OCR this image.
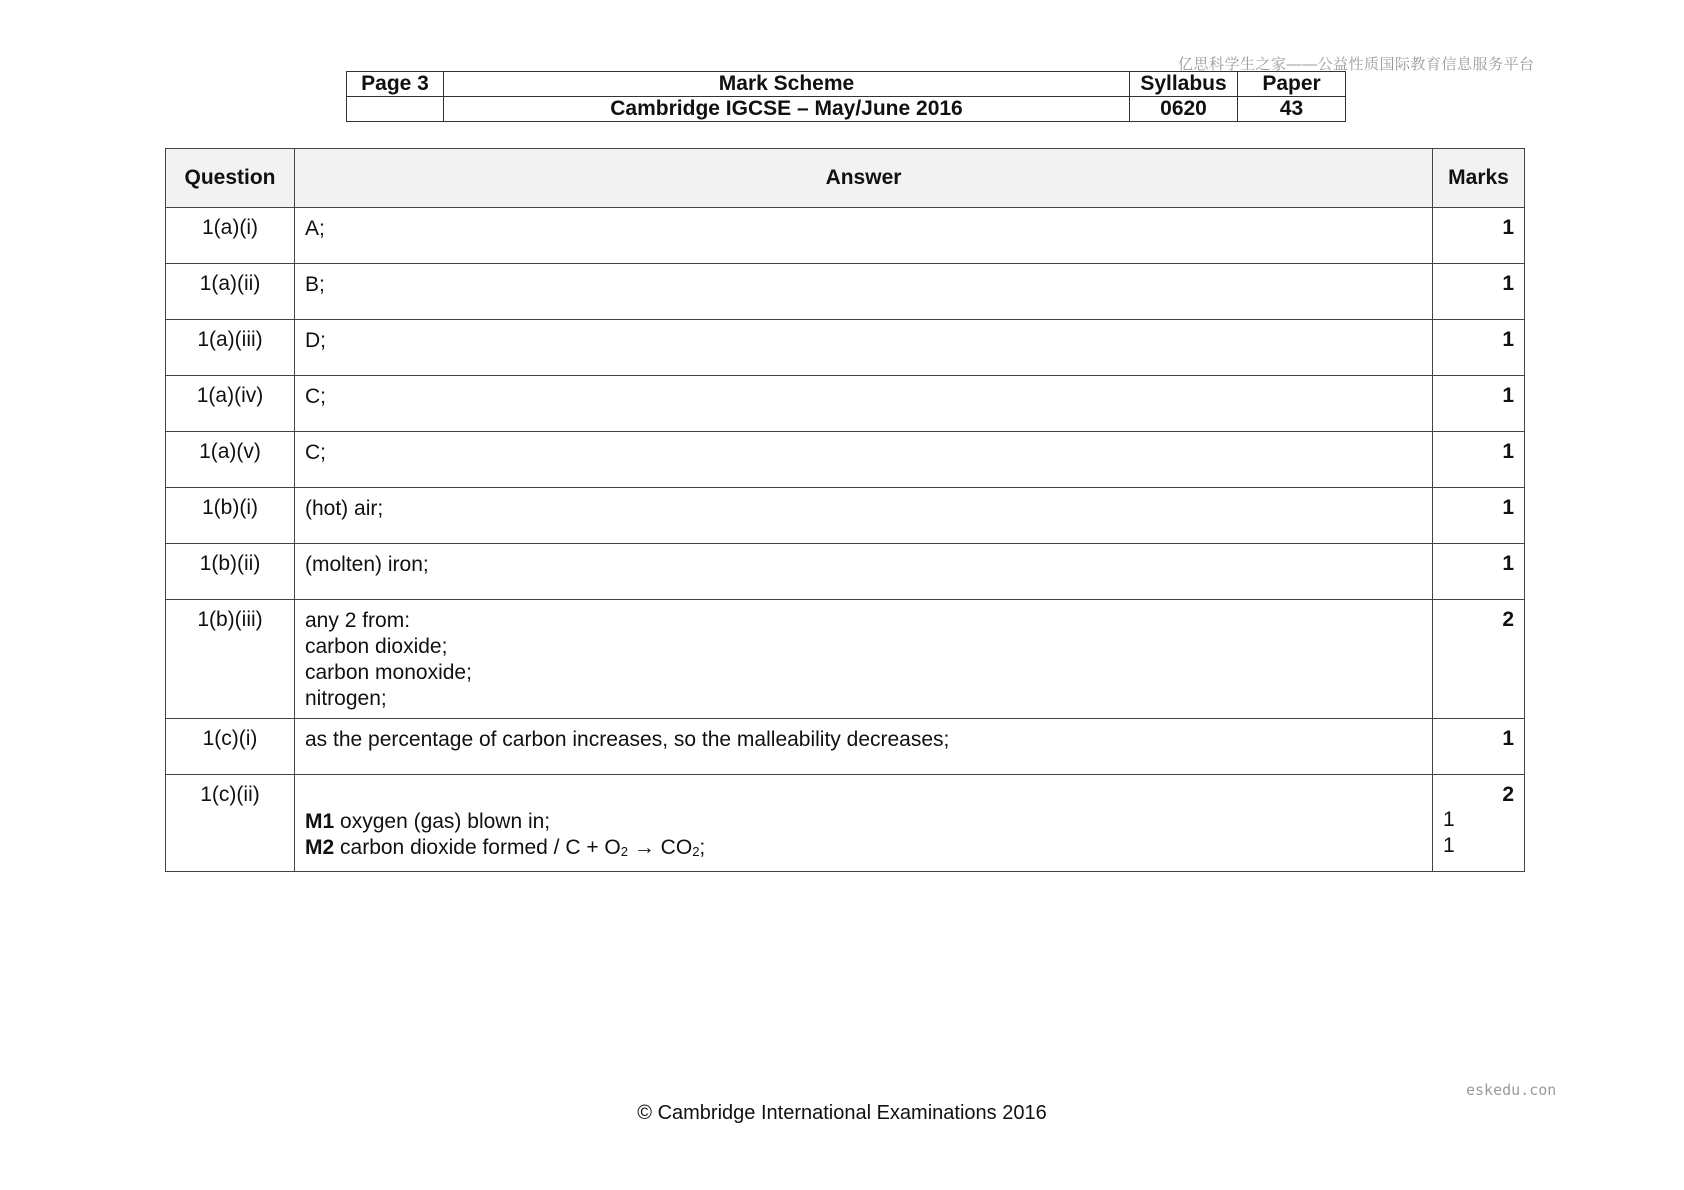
亿思科学生之家——公益性质国际教育信息服务平台
Page 3	Mark Scheme	Syllabus	Paper
	Cambridge IGCSE – May/June 2016	0620	43
Question	Answer	Marks
1(a)(i)	A;	1
1(a)(ii)	B;	1
1(a)(iii)	D;	1
1(a)(iv)	C;	1
1(a)(v)	C;	1
1(b)(i)	(hot) air;	1
1(b)(ii)	(molten) iron;	1
1(b)(iii)	any 2 from:
carbon dioxide;
carbon monoxide;
nitrogen;	2
1(c)(i)	as the percentage of carbon increases, so the malleability decreases;	1
1(c)(ii)	M1 oxygen (gas) blown in;
M2 carbon dioxide formed / C + O2 → CO2;	2
1
1
eskedu.con
© Cambridge International Examinations 2016
